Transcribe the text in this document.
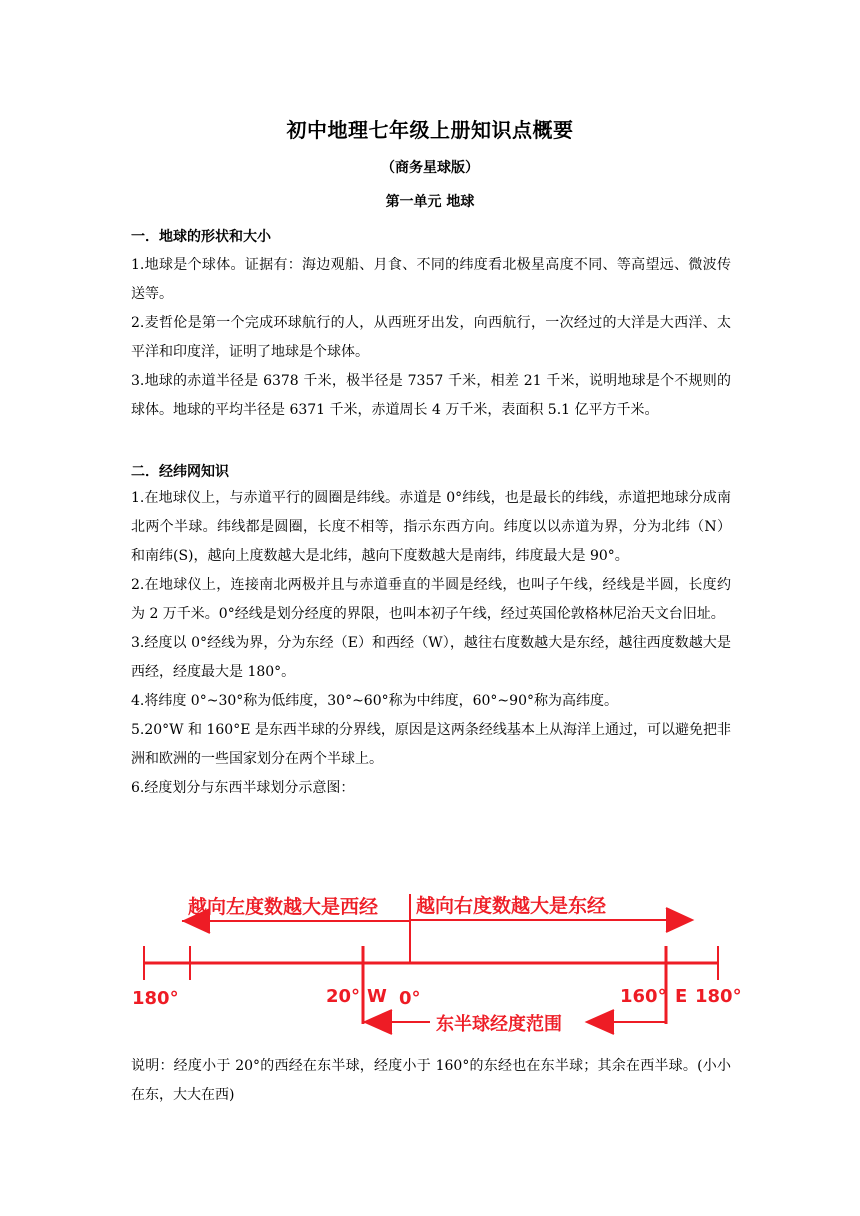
初中地理七年级上册知识点概要
（商务星球版）
第一单元 地球
一．地球的形状和大小

1.地球是个球体。证据有：海边观船、月食、不同的纬度看北极星高度不同、等高望远、微波传送等。

2.麦哲伦是第一个完成环球航行的人，从西班牙出发，向西航行，一次经过的大洋是大西洋、太平洋和印度洋，证明了地球是个球体。

3.地球的赤道半径是 6378 千米，极半径是 7357 千米，相差 21 千米，说明地球是个不规则的球体。地球的平均半径是 6371 千米，赤道周长 4 万千米，表面积 5.1 亿平方千米。

二．经纬网知识

1.在地球仪上，与赤道平行的圆圈是纬线。赤道是 0°纬线，也是最长的纬线，赤道把地球分成南北两个半球。纬线都是圆圈，长度不相等，指示东西方向。纬度以以赤道为界，分为北纬（N）和南纬(S)，越向上度数越大是北纬，越向下度数越大是南纬，纬度最大是 90°。

2.在地球仪上，连接南北两极并且与赤道垂直的半圆是经线，也叫子午线，经线是半圆，长度约为 2 万千米。0°经线是划分经度的界限，也叫本初子午线，经过英国伦敦格林尼治天文台旧址。

3.经度以 0°经线为界，分为东经（E）和西经（W），越往右度数越大是东经，越往西度数越大是西经，经度最大是 180°。

4.将纬度 0°~30°称为低纬度，30°~60°称为中纬度，60°~90°称为高纬度。

5.20°W 和 160°E 是东西半球的分界线，原因是这两条经线基本上从海洋上通过，可以避免把非洲和欧洲的一些国家划分在两个半球上。

6.经度划分与东西半球划分示意图：

越向左度数越大是西经 越向右度数越大是东经
180°	20° W 0°	160° E 180°
东半球经度范围

说明：经度小于 20°的西经在东半球，经度小于 160°的东经也在东半球；其余在西半球。(小小在东，大大在西)
